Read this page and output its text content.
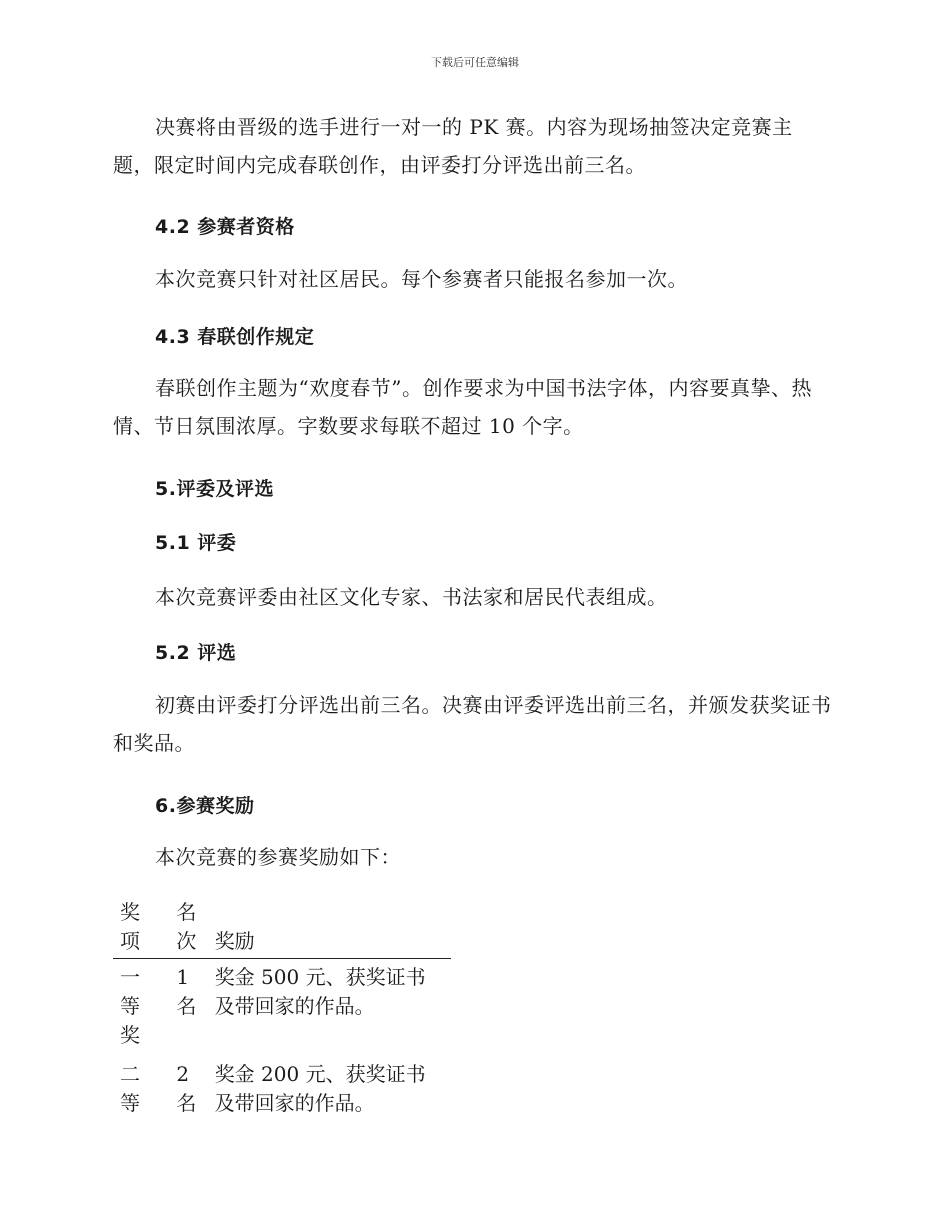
下载后可任意编辑
决赛将由晋级的选手进行一对一的 PK 赛。内容为现场抽签决定竞赛主题，限定时间内完成春联创作，由评委打分评选出前三名。
4.2 参赛者资格
本次竞赛只针对社区居民。每个参赛者只能报名参加一次。
4.3 春联创作规定
春联创作主题为“欢度春节”。创作要求为中国书法字体，内容要真挚、热情、节日氛围浓厚。字数要求每联不超过 10 个字。
5.评委及评选
5.1 评委
本次竞赛评委由社区文化专家、书法家和居民代表组成。
5.2 评选
初赛由评委打分评选出前三名。决赛由评委评选出前三名，并颁发获奖证书和奖品。
6.参赛奖励
本次竞赛的参赛奖励如下：
奖项	名次	奖励

一等奖	1名	奖金 500 元、获奖证书及带回家的作品。

二等	2名	奖金 200 元、获奖证书及带回家的作品。
